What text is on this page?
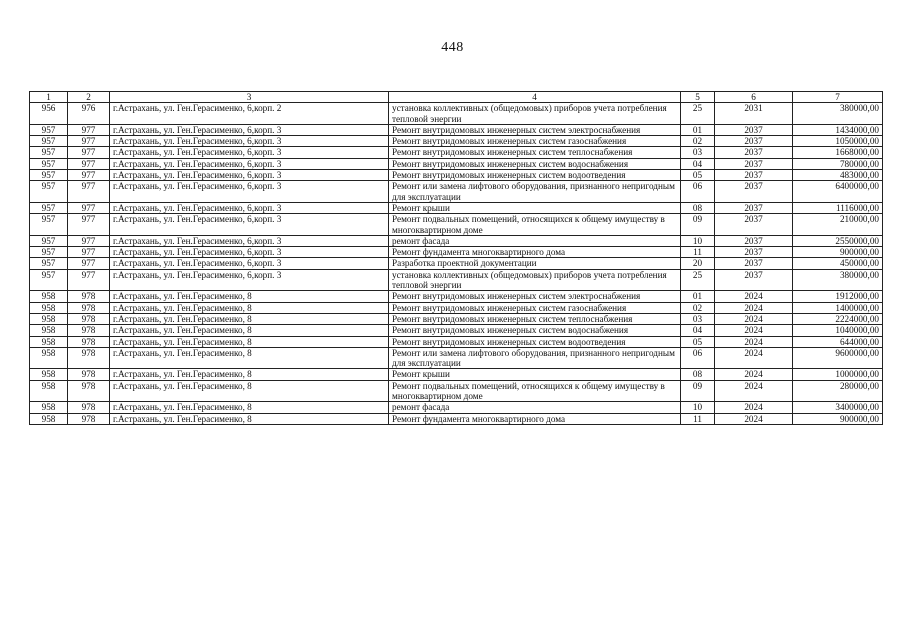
448
1	2	3	4	5	6	7
956	976	г.Астрахань, ул. Ген.Герасименко, 6,корп. 2	установка коллективных (общедомовых) приборов учета потребления тепловой энергии	25	2031	380000,00
957	977	г.Астрахань, ул. Ген.Герасименко, 6,корп. 3	Ремонт внутридомовых инженерных систем электроснабжения	01	2037	1434000,00
957	977	г.Астрахань, ул. Ген.Герасименко, 6,корп. 3	Ремонт внутридомовых инженерных систем газоснабжения	02	2037	1050000,00
957	977	г.Астрахань, ул. Ген.Герасименко, 6,корп. 3	Ремонт внутридомовых инженерных систем теплоснабжения	03	2037	1668000,00
957	977	г.Астрахань, ул. Ген.Герасименко, 6,корп. 3	Ремонт внутридомовых инженерных систем водоснабжения	04	2037	780000,00
957	977	г.Астрахань, ул. Ген.Герасименко, 6,корп. 3	Ремонт внутридомовых инженерных систем водоотведения	05	2037	483000,00
957	977	г.Астрахань, ул. Ген.Герасименко, 6,корп. 3	Ремонт или замена лифтового оборудования, признанного непригодным для эксплуатации	06	2037	6400000,00
957	977	г.Астрахань, ул. Ген.Герасименко, 6,корп. 3	Ремонт крыши	08	2037	1116000,00
957	977	г.Астрахань, ул. Ген.Герасименко, 6,корп. 3	Ремонт подвальных помещений, относящихся к общему имуществу в многоквартирном доме	09	2037	210000,00
957	977	г.Астрахань, ул. Ген.Герасименко, 6,корп. 3	ремонт фасада	10	2037	2550000,00
957	977	г.Астрахань, ул. Ген.Герасименко, 6,корп. 3	Ремонт фундамента многоквартирного дома	11	2037	900000,00
957	977	г.Астрахань, ул. Ген.Герасименко, 6,корп. 3	Разработка проектной документации	20	2037	450000,00
957	977	г.Астрахань, ул. Ген.Герасименко, 6,корп. 3	установка коллективных (общедомовых) приборов учета потребления тепловой энергии	25	2037	380000,00
958	978	г.Астрахань, ул. Ген.Герасименко, 8	Ремонт внутридомовых инженерных систем электроснабжения	01	2024	1912000,00
958	978	г.Астрахань, ул. Ген.Герасименко, 8	Ремонт внутридомовых инженерных систем газоснабжения	02	2024	1400000,00
958	978	г.Астрахань, ул. Ген.Герасименко, 8	Ремонт внутридомовых инженерных систем теплоснабжения	03	2024	2224000,00
958	978	г.Астрахань, ул. Ген.Герасименко, 8	Ремонт внутридомовых инженерных систем водоснабжения	04	2024	1040000,00
958	978	г.Астрахань, ул. Ген.Герасименко, 8	Ремонт внутридомовых инженерных систем водоотведения	05	2024	644000,00
958	978	г.Астрахань, ул. Ген.Герасименко, 8	Ремонт или замена лифтового оборудования, признанного непригодным для эксплуатации	06	2024	9600000,00
958	978	г.Астрахань, ул. Ген.Герасименко, 8	Ремонт крыши	08	2024	1000000,00
958	978	г.Астрахань, ул. Ген.Герасименко, 8	Ремонт подвальных помещений, относящихся к общему имуществу в многоквартирном доме	09	2024	280000,00
958	978	г.Астрахань, ул. Ген.Герасименко, 8	ремонт фасада	10	2024	3400000,00
958	978	г.Астрахань, ул. Ген.Герасименко, 8	Ремонт фундамента многоквартирного дома	11	2024	900000,00
